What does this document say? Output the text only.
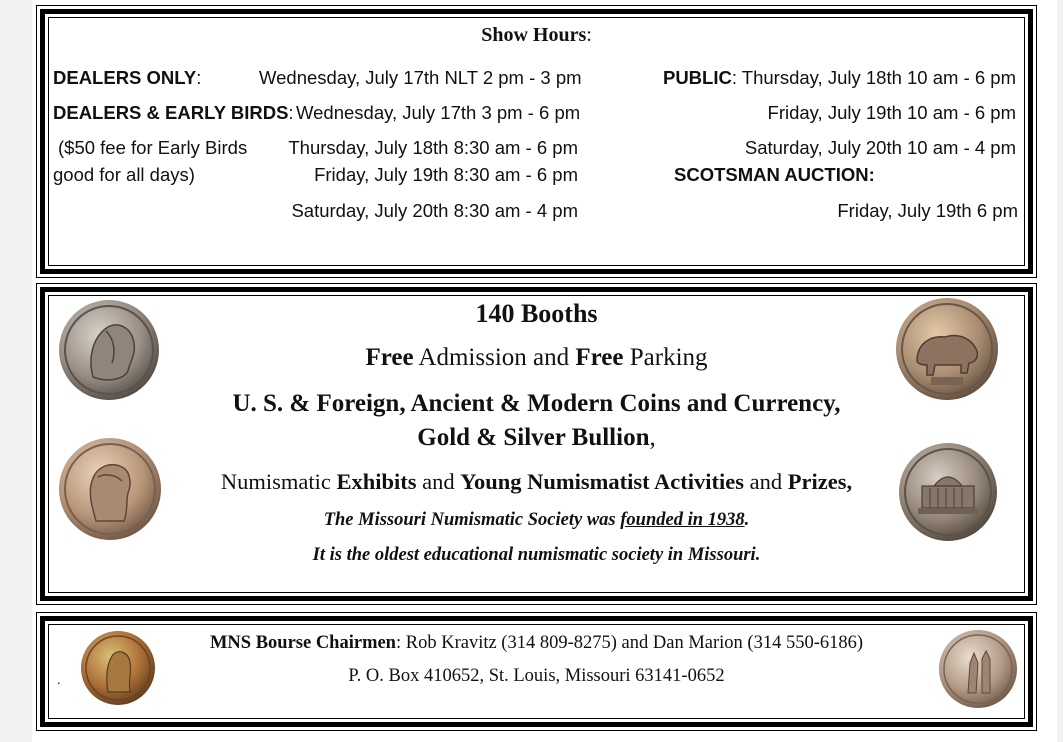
Show Hours:
DEALERS ONLY:	Wednesday, July 17th NLT 2 pm - 3 pm
DEALERS & EARLY BIRDS: Wednesday, July 17th 3 pm - 6 pm
($50 fee for Early Birds
good for all days)
Thursday, July 18th 8:30 am - 6 pm
Friday, July 19th 8:30 am - 6 pm
Saturday, July 20th 8:30 am - 4 pm
PUBLIC: Thursday, July 18th 10 am - 6 pm
Friday, July 19th 10 am - 6 pm
Saturday, July 20th 10 am - 4 pm
SCOTSMAN AUCTION:
Friday, July 19th 6 pm
140 Booths
Free Admission and Free Parking
U. S. & Foreign, Ancient & Modern Coins and Currency,
Gold & Silver Bullion,
Numismatic Exhibits and Young Numismatist Activities and Prizes,
The Missouri Numismatic Society was founded in 1938.
It is the oldest educational numismatic society in Missouri.
.
MNS Bourse Chairmen: Rob Kravitz (314 809-8275) and Dan Marion (314 550-6186)
P. O. Box 410652, St. Louis, Missouri 63141-0652
